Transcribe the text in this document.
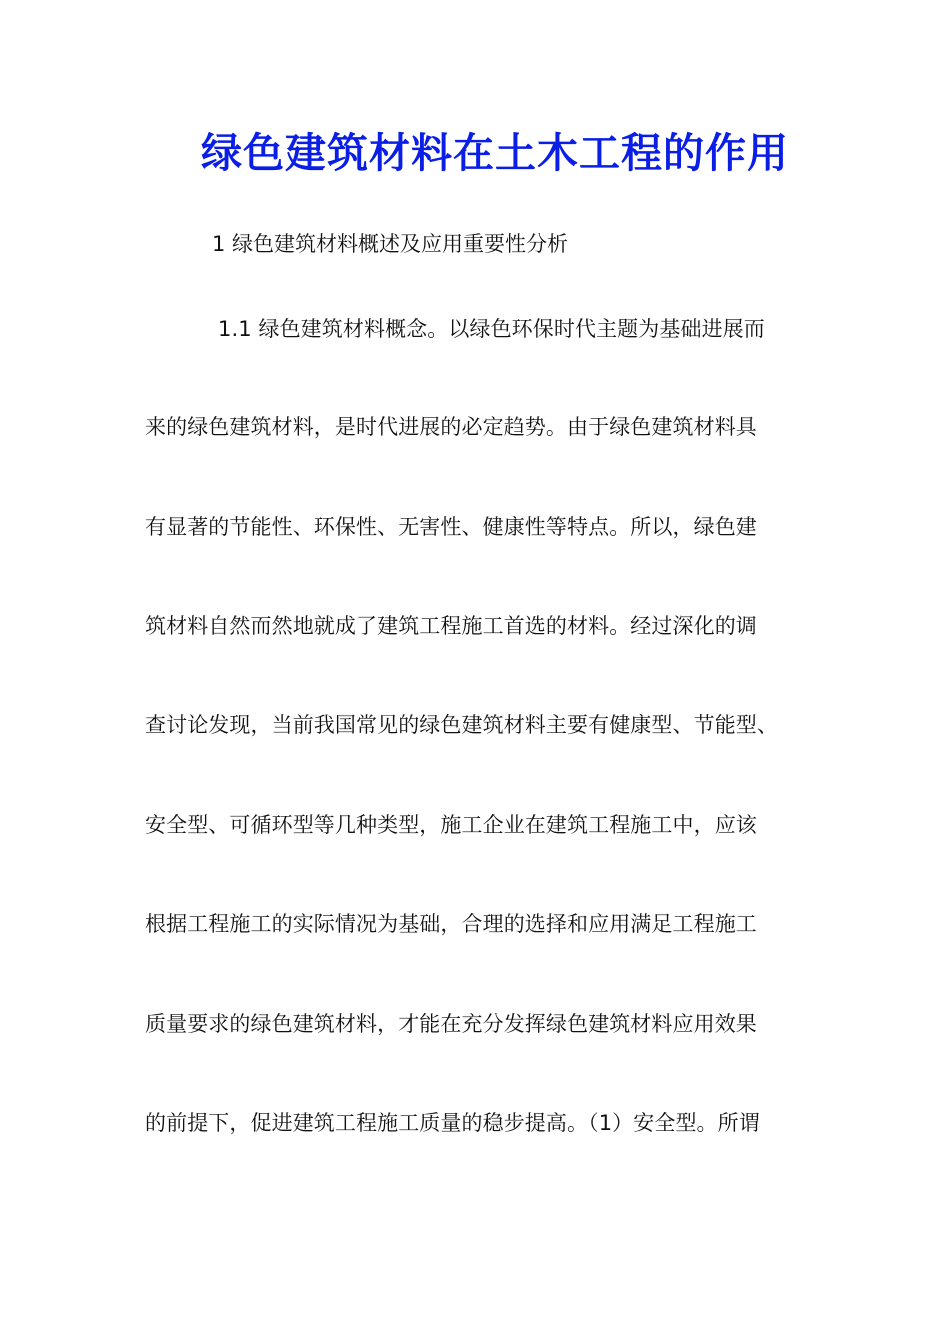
绿色建筑材料在土木工程的作用
1 绿色建筑材料概述及应用重要性分析
1.1 绿色建筑材料概念。以绿色环保时代主题为基础进展而
来的绿色建筑材料，是时代进展的必定趋势。由于绿色建筑材料具
有显著的节能性、环保性、无害性、健康性等特点。所以，绿色建
筑材料自然而然地就成了建筑工程施工首选的材料。经过深化的调
查讨论发现，当前我国常见的绿色建筑材料主要有健康型、节能型、
安全型、可循环型等几种类型，施工企业在建筑工程施工中，应该
根据工程施工的实际情况为基础，合理的选择和应用满足工程施工
质量要求的绿色建筑材料，才能在充分发挥绿色建筑材料应用效果
的前提下，促进建筑工程施工质量的稳步提高。（1）安全型。所谓
